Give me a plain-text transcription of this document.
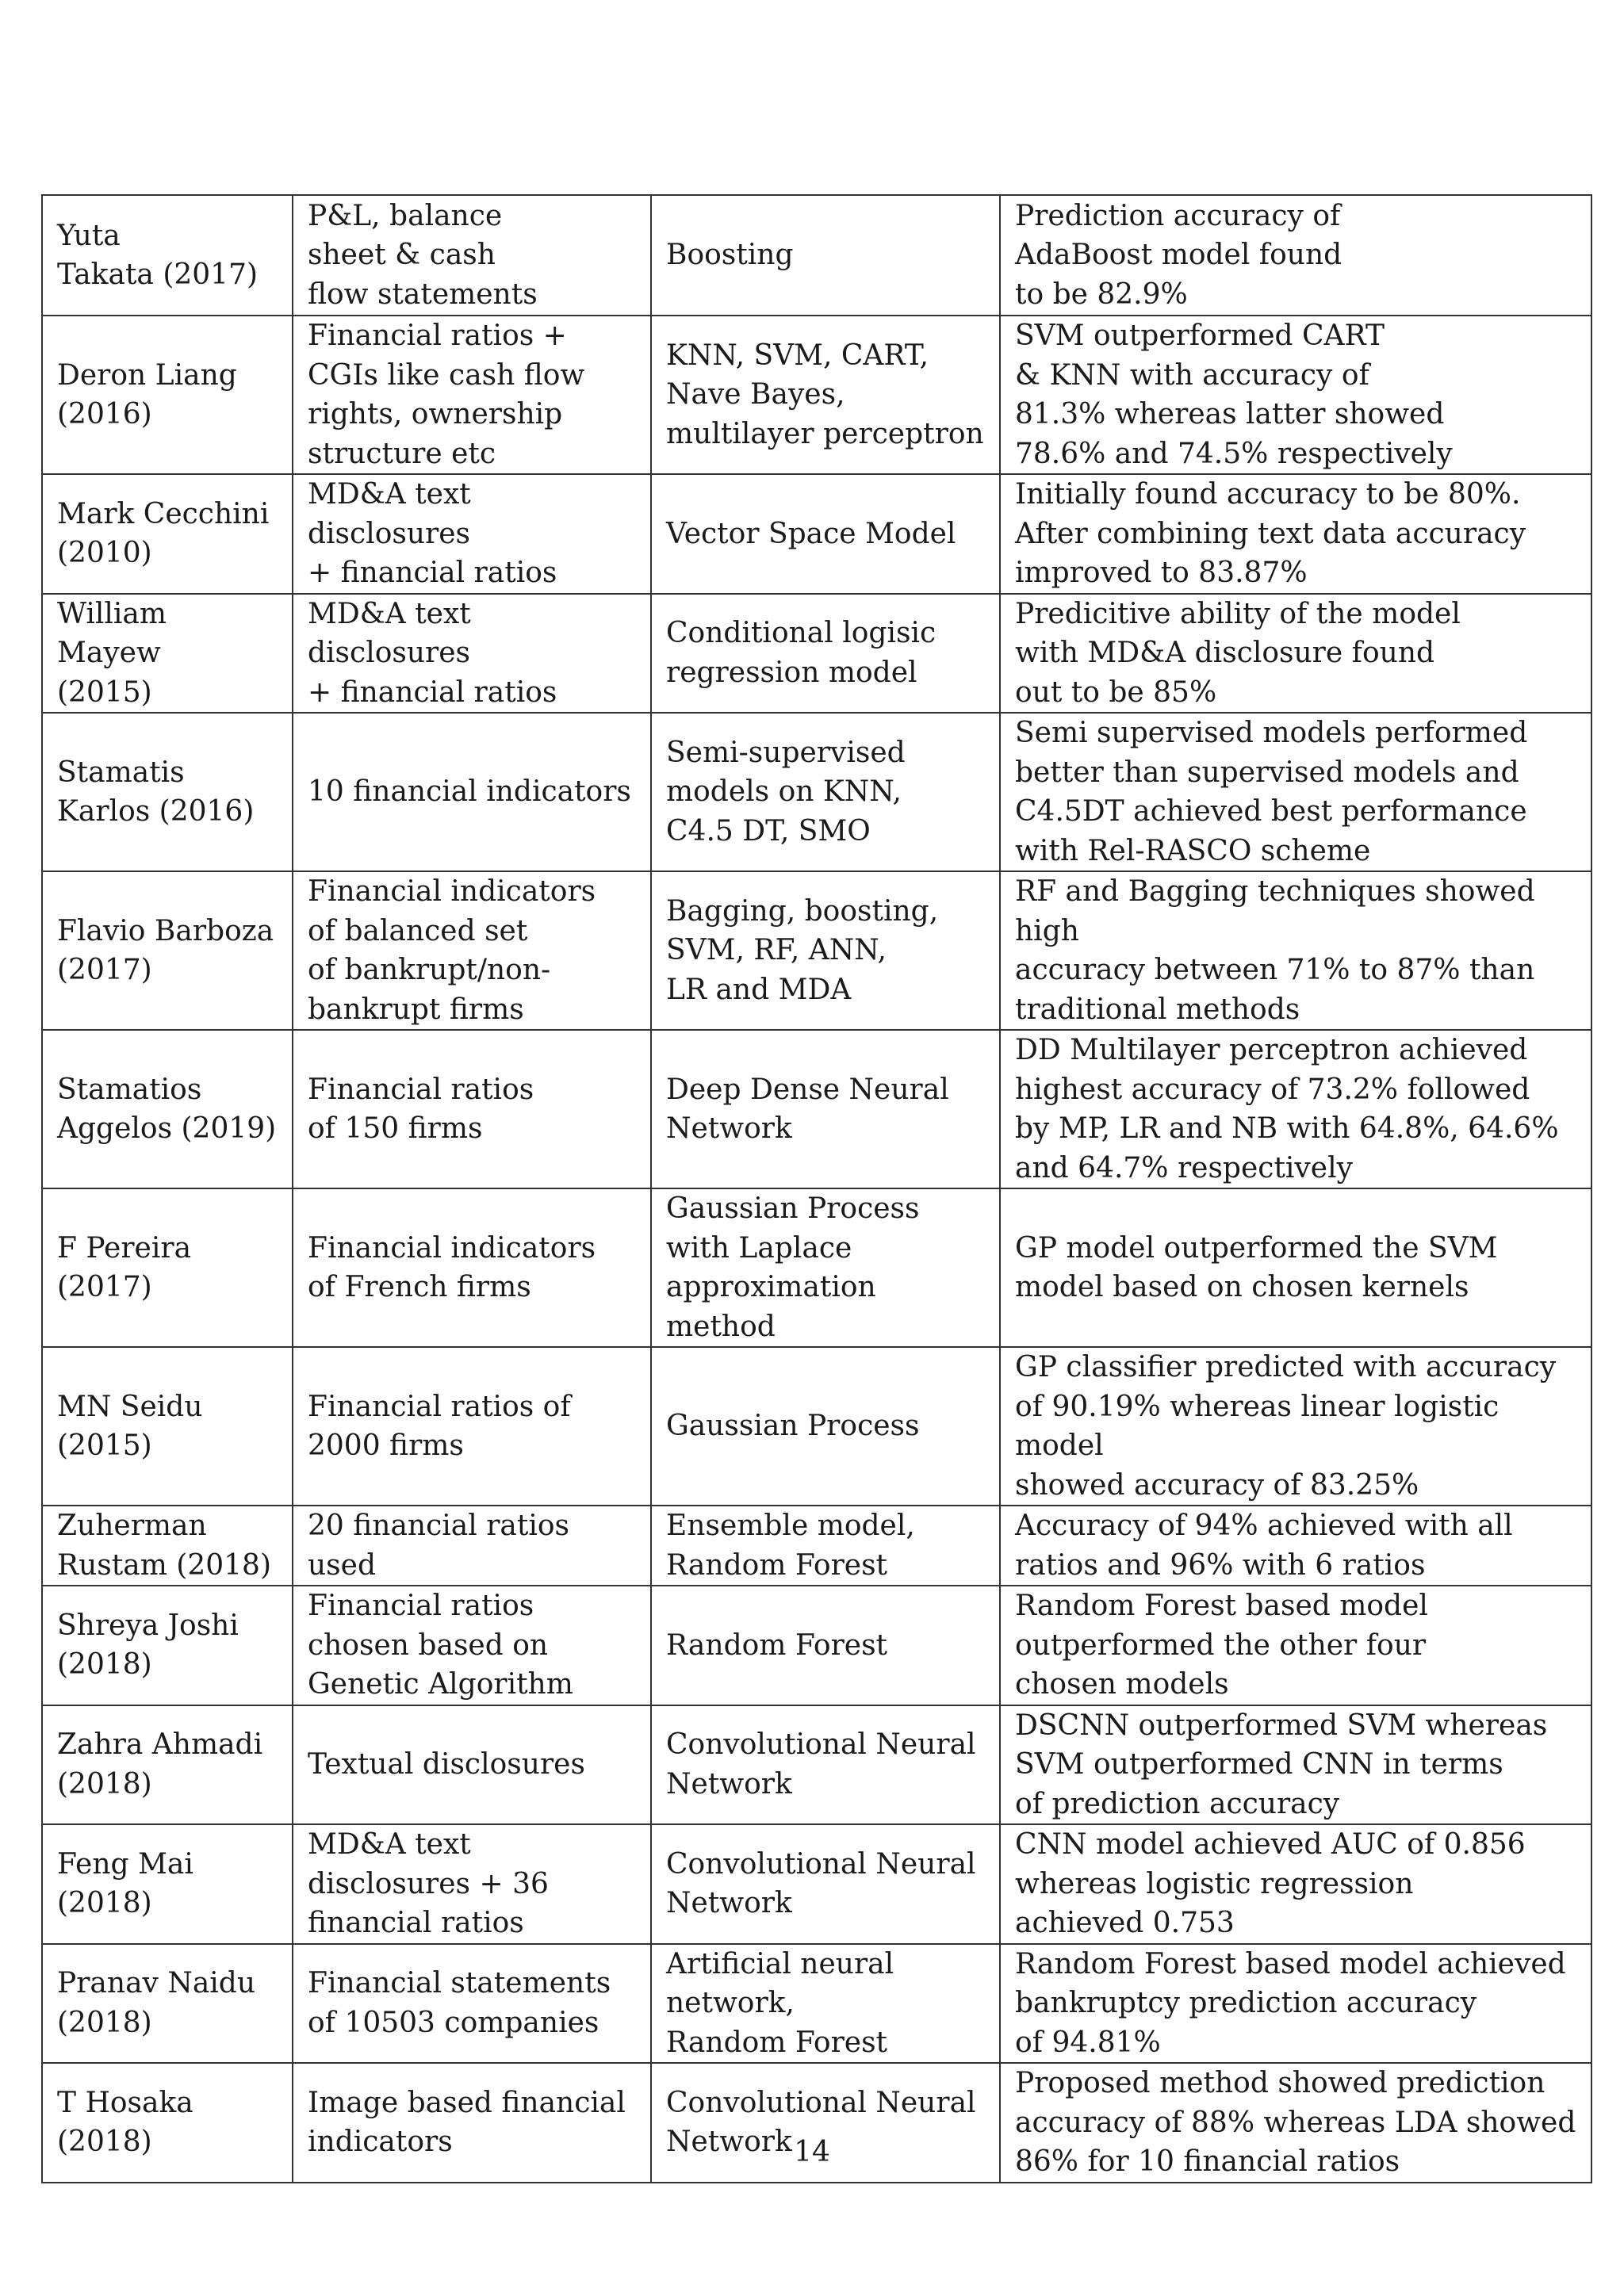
Yuta
Takata (2017)	P&L, balance
sheet & cash
flow statements	Boosting	Prediction accuracy of
AdaBoost model found
to be 82.9%
Deron Liang
(2016)	Financial ratios +
CGIs like cash flow
rights, ownership
structure etc	KNN, SVM, CART,
Nave Bayes,
multilayer perceptron	SVM outperformed CART
& KNN with accuracy of
81.3% whereas latter showed
78.6% and 74.5% respectively
Mark Cecchini
(2010)	MD&A text disclosures
+ financial ratios	Vector Space Model	Initially found accuracy to be 80%.
After combining text data accuracy
improved to 83.87%
William Mayew
(2015)	MD&A text disclosures
+ financial ratios	Conditional logisic
regression model	Predicitive ability of the model
with MD&A disclosure found
out to be 85%
Stamatis
Karlos (2016)	10 financial indicators	Semi-supervised
models on KNN,
C4.5 DT, SMO	Semi supervised models performed
better than supervised models and
C4.5DT achieved best performance
with Rel-RASCO scheme
Flavio Barboza
(2017)	Financial indicators
of balanced set
of bankrupt/non-
bankrupt firms	Bagging, boosting,
SVM, RF, ANN,
LR and MDA	RF and Bagging techniques showed high
accuracy between 71% to 87% than
traditional methods
Stamatios
Aggelos (2019)	Financial ratios
of 150 firms	Deep Dense Neural
Network	DD Multilayer perceptron achieved
highest accuracy of 73.2% followed
by MP, LR and NB with 64.8%, 64.6%
and 64.7% respectively
F Pereira
(2017)	Financial indicators
of French firms	Gaussian Process
with Laplace
approximation method	GP model outperformed the SVM
model based on chosen kernels
MN Seidu
(2015)	Financial ratios of
2000 firms	Gaussian Process	GP classifier predicted with accuracy
of 90.19% whereas linear logistic model
showed accuracy of 83.25%
Zuherman
Rustam (2018)	20 financial ratios
used	Ensemble model,
Random Forest	Accuracy of 94% achieved with all
ratios and 96% with 6 ratios
Shreya Joshi
(2018)	Financial ratios
chosen based on
Genetic Algorithm	Random Forest	Random Forest based model
outperformed the other four
chosen models
Zahra Ahmadi
(2018)	Textual disclosures	Convolutional Neural
Network	DSCNN outperformed SVM whereas
SVM outperformed CNN in terms
of prediction accuracy
Feng Mai
(2018)	MD&A text
disclosures + 36
financial ratios	Convolutional Neural
Network	CNN model achieved AUC of 0.856
whereas logistic regression
achieved 0.753
Pranav Naidu
(2018)	Financial statements
of 10503 companies	Artificial neural
network,
Random Forest	Random Forest based model achieved
bankruptcy prediction accuracy
of 94.81%
T Hosaka
(2018)	Image based financial
indicators	Convolutional Neural
Network	Proposed method showed prediction
accuracy of 88% whereas LDA showed
86% for 10 financial ratios
14
